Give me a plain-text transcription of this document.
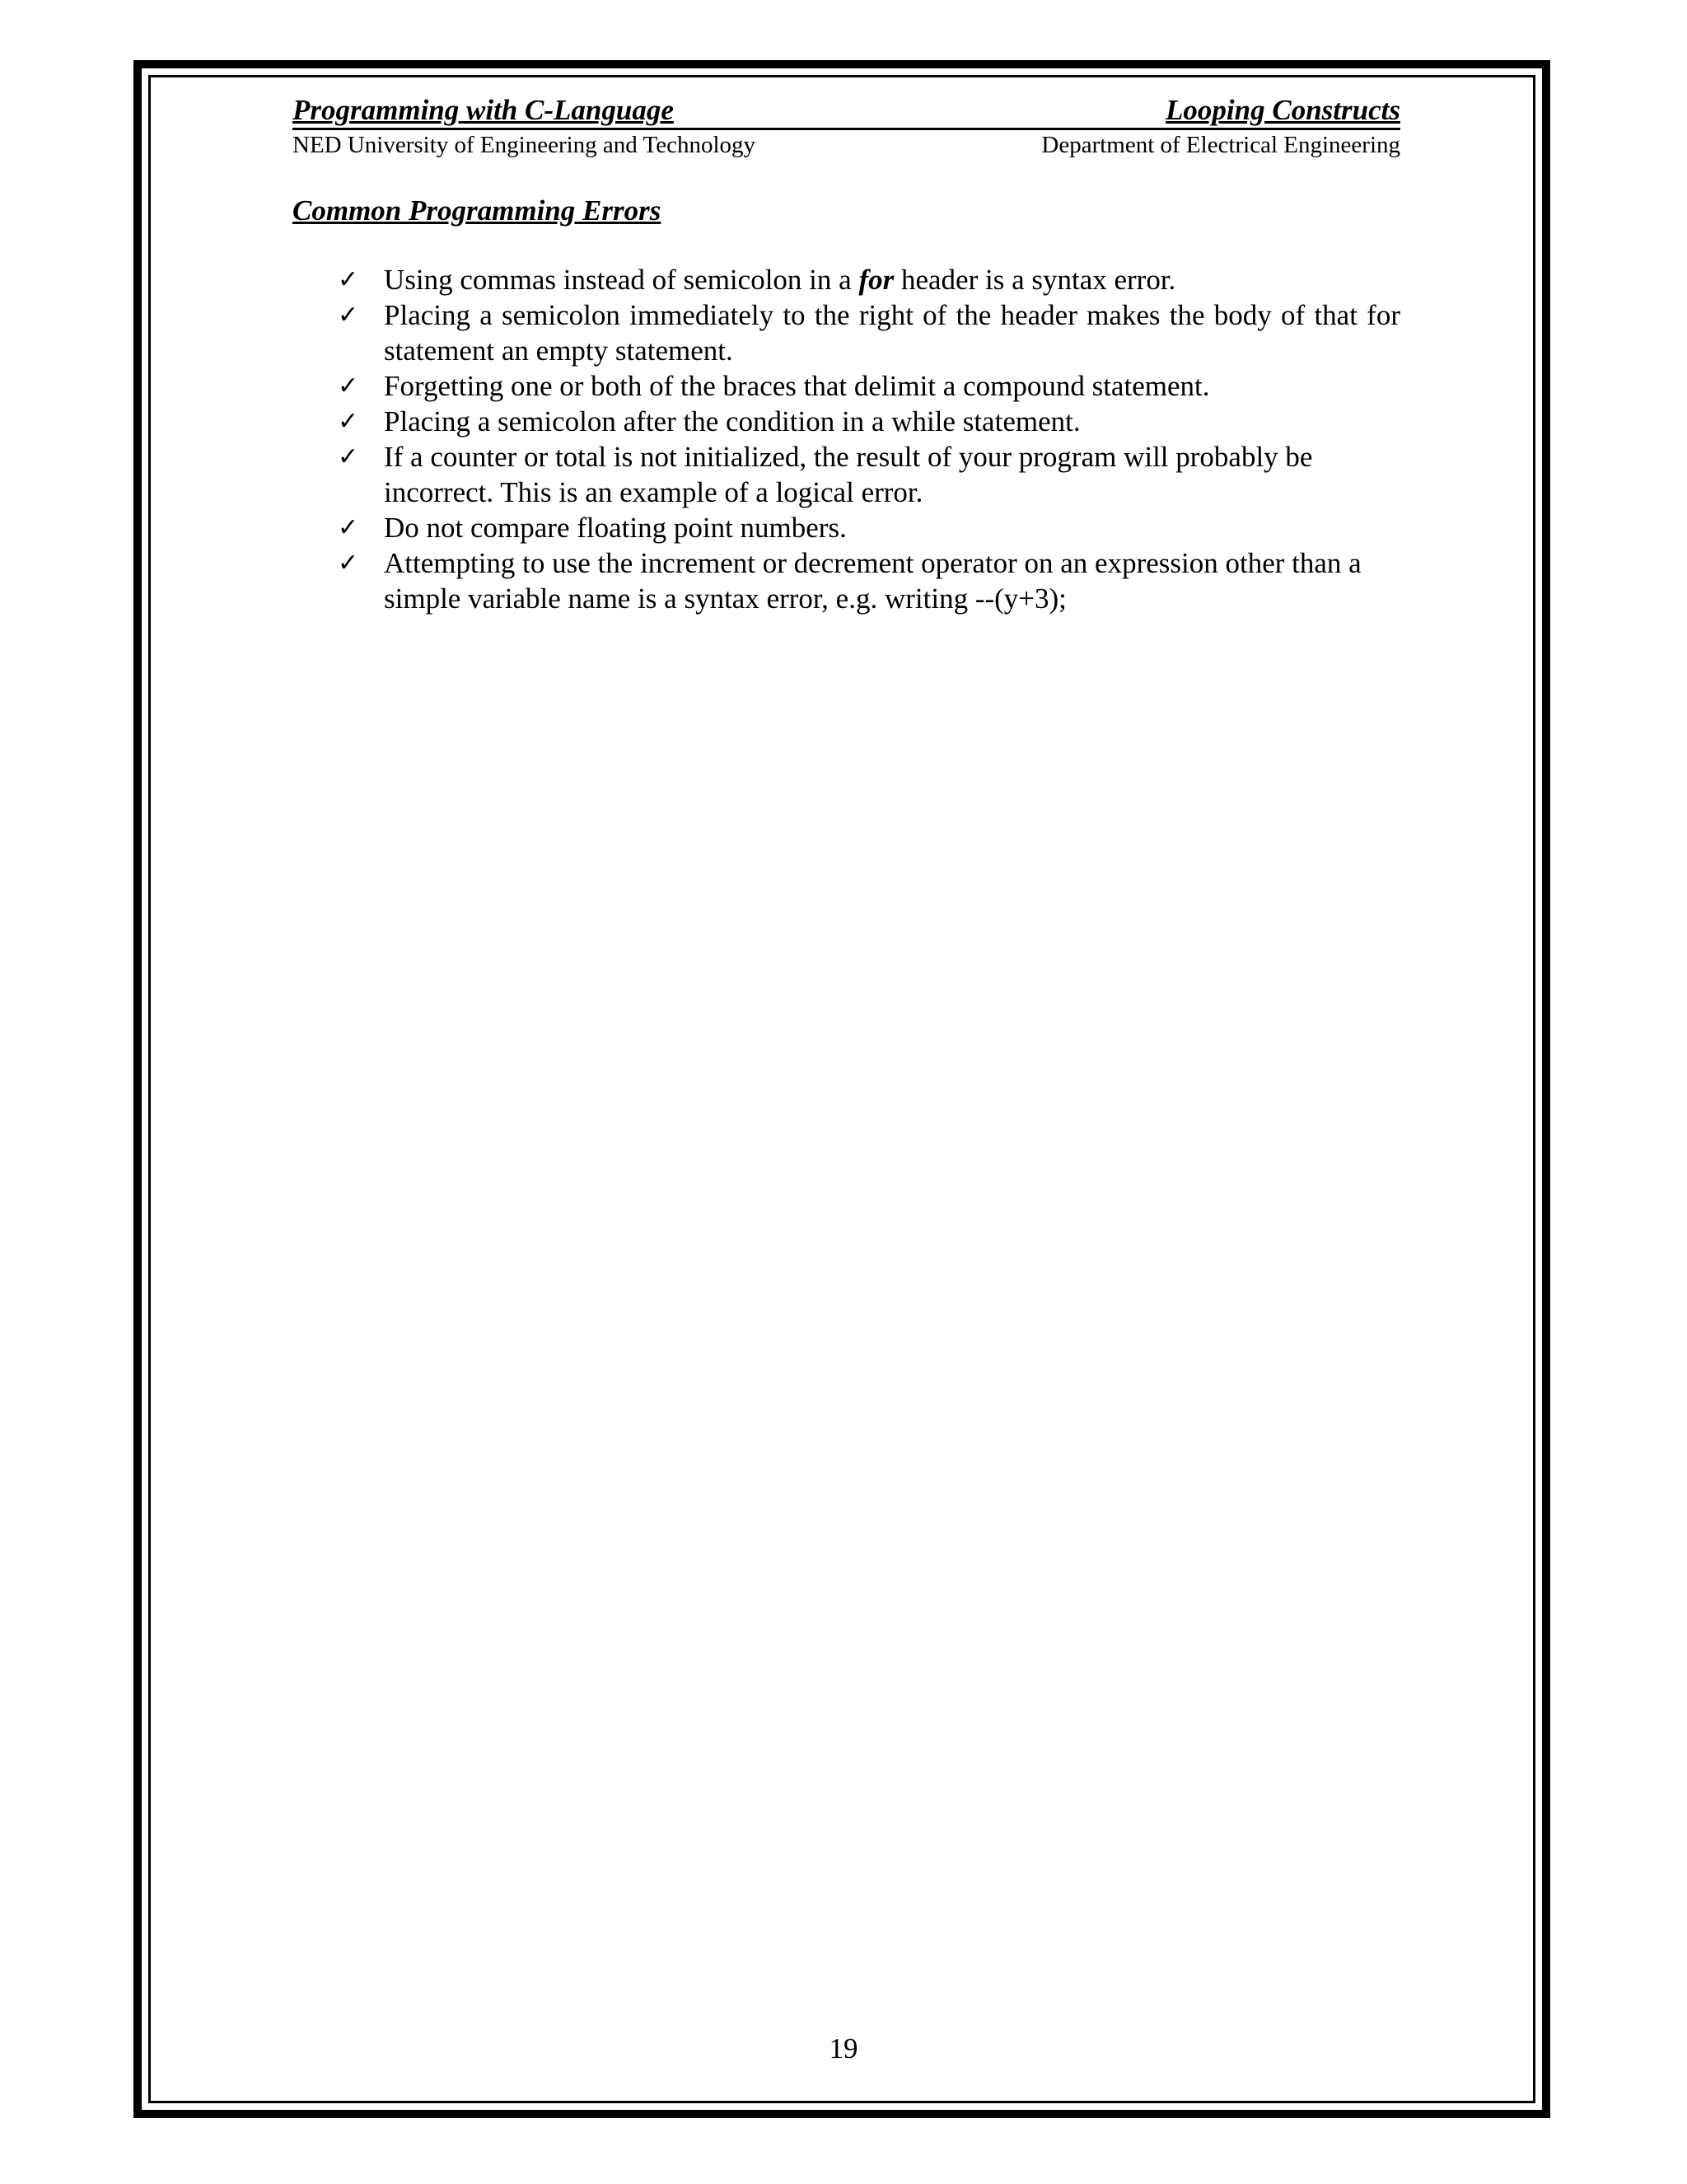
Programming with C-Language	Looping Constructs
NED University of Engineering and Technology	Department of Electrical Engineering
Common Programming Errors
✓ Using commas instead of semicolon in a for header is a syntax error.
✓ Placing a semicolon immediately to the right of the header makes the body of that for statement an empty statement.
✓ Forgetting one or both of the braces that delimit a compound statement.
✓ Placing a semicolon after the condition in a while statement.
✓ If a counter or total is not initialized, the result of your program will probably be incorrect. This is an example of a logical error.
✓ Do not compare floating point numbers.
✓ Attempting to use the increment or decrement operator on an expression other than a simple variable name is a syntax error, e.g. writing --(y+3);
19
